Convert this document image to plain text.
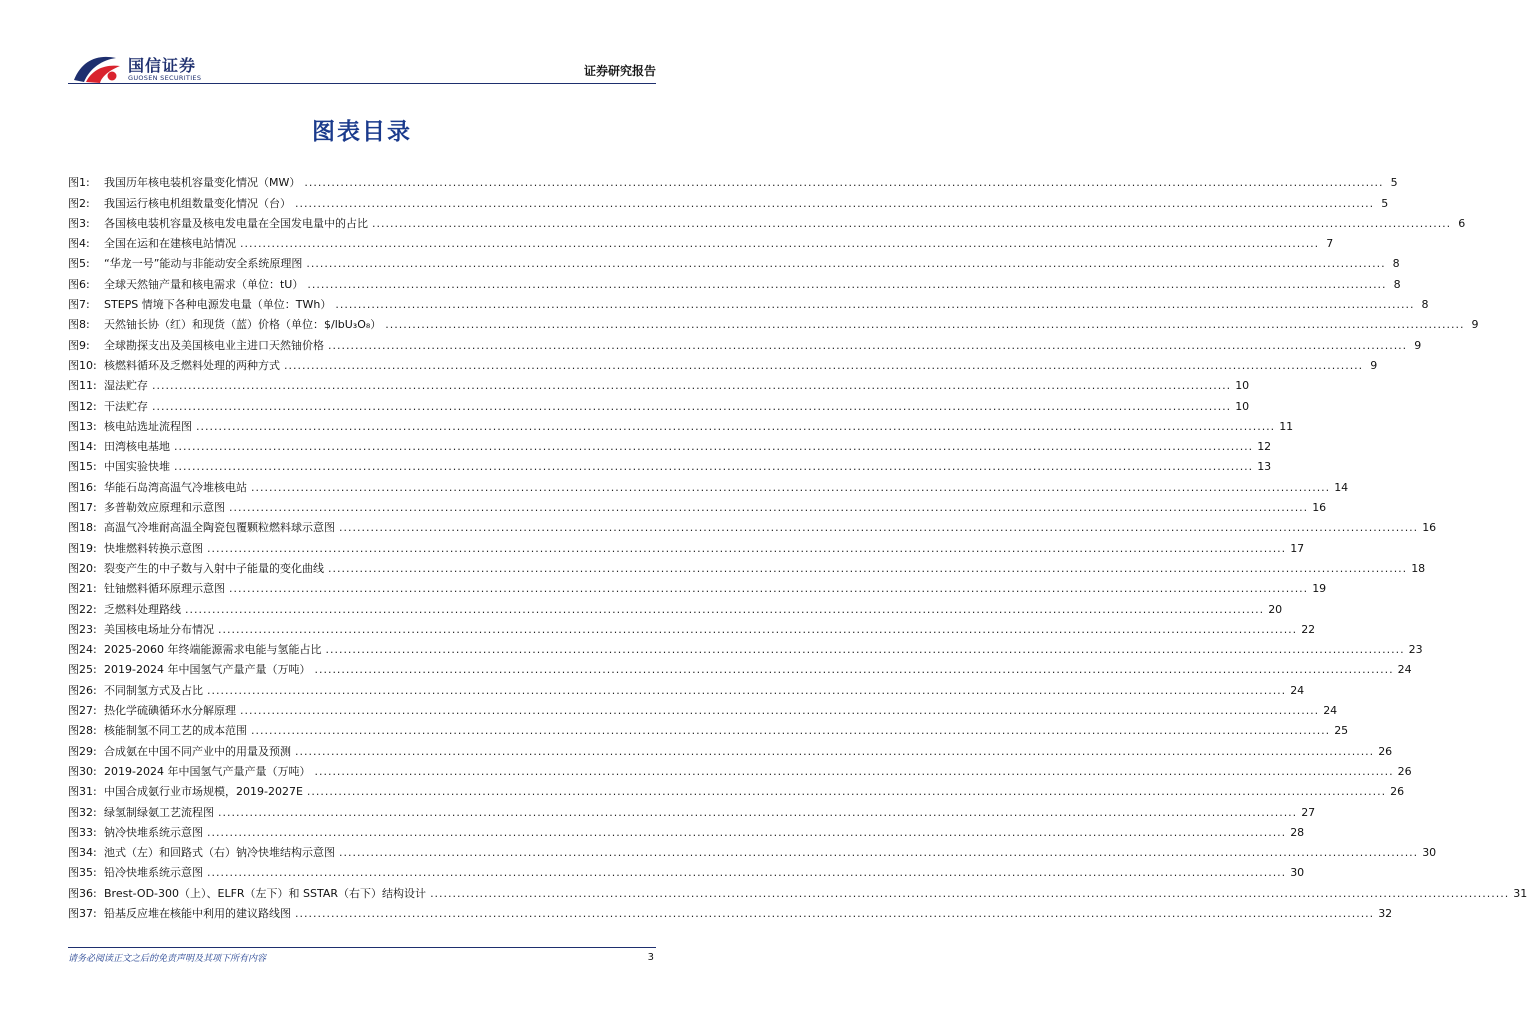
国信证券
GUOSEN SECURITIES	证券研究报告
图表目录
图1:	我国历年核电装机容量变化情况（MW） .....	5
图2:	我国运行核电机组数量变化情况（台） .....	5
图3:	各国核电装机容量及核电发电量在全国发电量中的占比 .....	6
图4:	全国在运和在建核电站情况 .....	7
图5:	“华龙一号”能动与非能动安全系统原理图 .....	8
图6:	全球天然铀产量和核电需求（单位：tU） .....	8
图7:	STEPS 情境下各种电源发电量（单位：TWh） .....	8
图8:	天然铀长协（红）和现货（蓝）价格（单位：$/lbU₃O₈） .....	9
图9:	全球勘探支出及美国核电业主进口天然铀价格 .....	9
图10: 核燃料循环及乏燃料处理的两种方式 .....	9
图11: 湿法贮存 .....	10
图12: 干法贮存 .....	10
图13: 核电站选址流程图 .....	11
图14: 田湾核电基地 .....	12
图15: 中国实验快堆 .....	13
图16: 华能石岛湾高温气冷堆核电站 .....	14
图17: 多普勒效应原理和示意图 .....	16
图18: 高温气冷堆耐高温全陶瓷包覆颗粒燃料球示意图 .....	16
图19: 快堆燃料转换示意图 .....	17
图20: 裂变产生的中子数与入射中子能量的变化曲线 .....	18
图21: 钍铀燃料循环原理示意图 .....	19
图22: 乏燃料处理路线 .....	20
图23: 美国核电场址分布情况 .....	22
图24: 2025-2060 年终端能源需求电能与氢能占比 .....	23
图25: 2019-2024 年中国氢气产量产量（万吨） .....	24
图26: 不同制氢方式及占比 .....	24
图27: 热化学硫碘循环水分解原理 .....	24
图28: 核能制氢不同工艺的成本范围 .....	25
图29: 合成氨在中国不同产业中的用量及预测 .....	26
图30: 2019-2024 年中国氢气产量产量（万吨） .....	26
图31: 中国合成氨行业市场规模，2019-2027E .....	26
图32: 绿氢制绿氨工艺流程图 .....	27
图33: 钠冷快堆系统示意图 .....	28
图34: 池式（左）和回路式（右）钠冷快堆结构示意图 .....	30
图35: 铅冷快堆系统示意图 .....	30
图36: Brest-OD-300（上）、ELFR（左下）和 SSTAR（右下）结构设计 .....	31
图37: 铅基反应堆在核能中利用的建议路线图 .....	32
请务必阅读正文之后的免责声明及其项下所有内容	3
